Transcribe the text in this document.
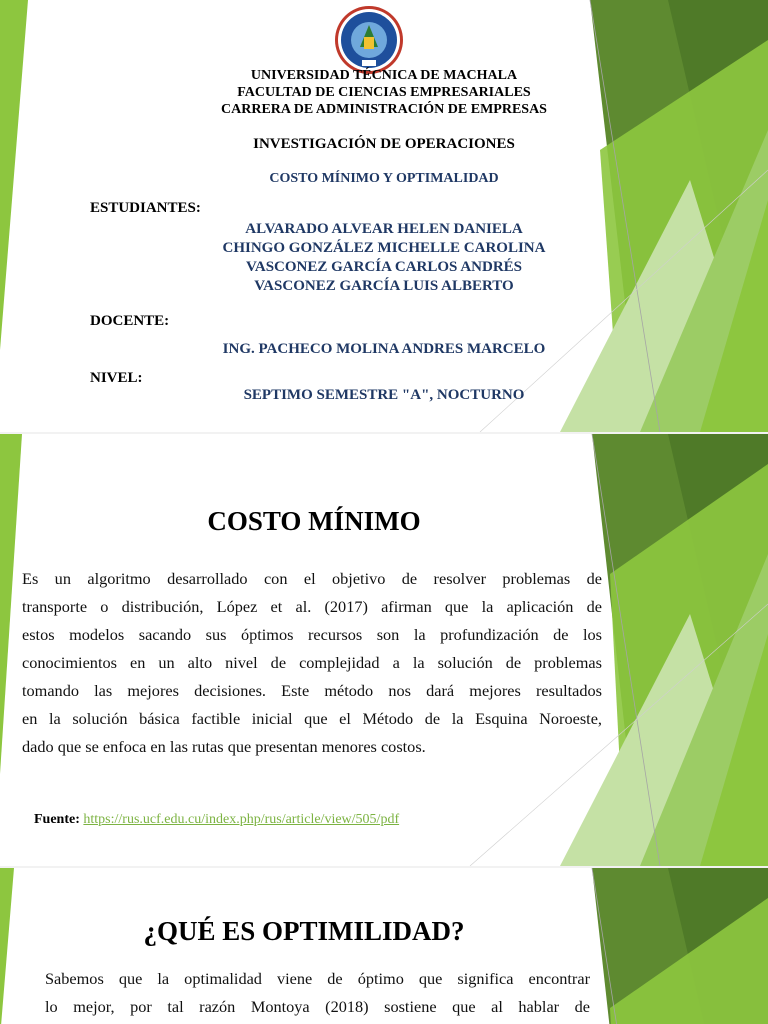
UNIVERSIDAD TÉCNICA DE MACHALA
FACULTAD DE CIENCIAS EMPRESARIALES
CARRERA DE ADMINISTRACIÓN DE EMPRESAS
INVESTIGACIÓN DE OPERACIONES
COSTO MÍNIMO Y OPTIMALIDAD
ESTUDIANTES:
ALVARADO ALVEAR HELEN DANIELA
CHINGO GONZÁLEZ MICHELLE CAROLINA
VASCONEZ GARCÍA CARLOS ANDRÉS
VASCONEZ GARCÍA LUIS ALBERTO
DOCENTE:
ING. PACHECO MOLINA ANDRES MARCELO
NIVEL:
SEPTIMO SEMESTRE "A", NOCTURNO
COSTO MÍNIMO
Es un algoritmo desarrollado con el objetivo de resolver problemas de
transporte o distribución, López et al. (2017) afirman que la aplicación de
estos modelos sacando sus óptimos recursos son la profundización de los
conocimientos en un alto nivel de complejidad a la solución de problemas
tomando las mejores decisiones. Este método nos dará mejores resultados
en la solución básica factible inicial que el Método de la Esquina Noroeste,
dado que se enfoca en las rutas que presentan menores costos.
Fuente: https://rus.ucf.edu.cu/index.php/rus/article/view/505/pdf
¿QUÉ ES OPTIMILIDAD?
Sabemos que la optimalidad viene de óptimo que significa encontrar
lo mejor, por tal razón Montoya (2018) sostiene que al hablar de
